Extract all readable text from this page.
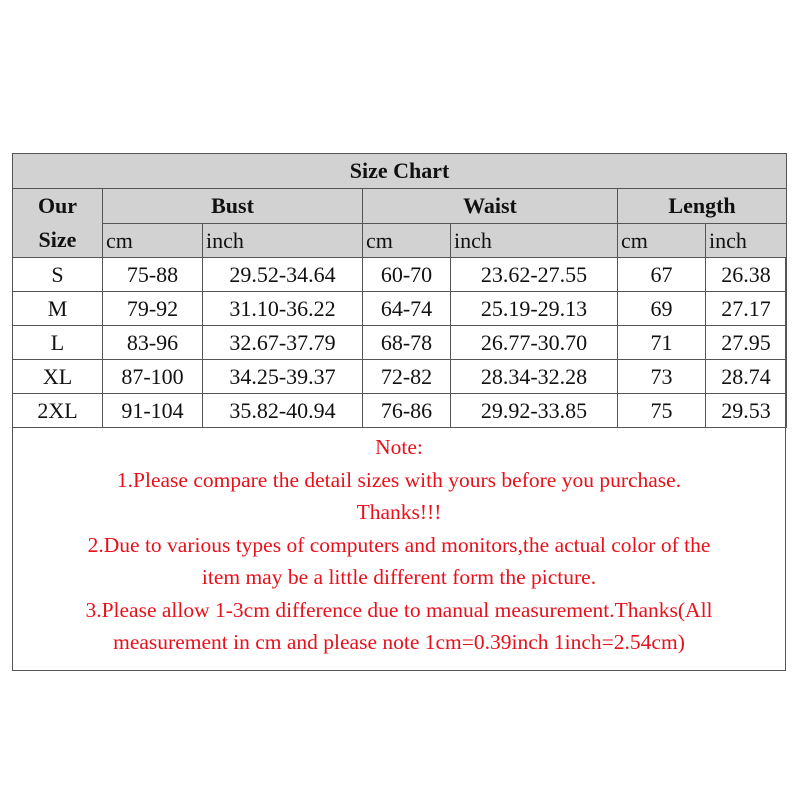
Size Chart						

Our
Size	Bust		Waist		Length	
	cm	inch	cm	inch	cm	inch
S	75-88	29.52-34.64	60-70	23.62-27.55	67	26.38
M	79-92	31.10-36.22	64-74	25.19-29.13	69	27.17
L	83-96	32.67-37.79	68-78	26.77-30.70	71	27.95
XL	87-100	34.25-39.37	72-82	28.34-32.28	73	28.74
2XL	91-104	35.82-40.94	76-86	29.92-33.85	75	29.53
Note:
1.Please compare the detail sizes with yours before you purchase.
Thanks!!!
2.Due to various types of computers and monitors,the actual color of the
item may be a little different form the picture.
3.Please allow 1-3cm difference due to manual measurement.Thanks(All
measurement in cm and please note 1cm=0.39inch 1inch=2.54cm)
